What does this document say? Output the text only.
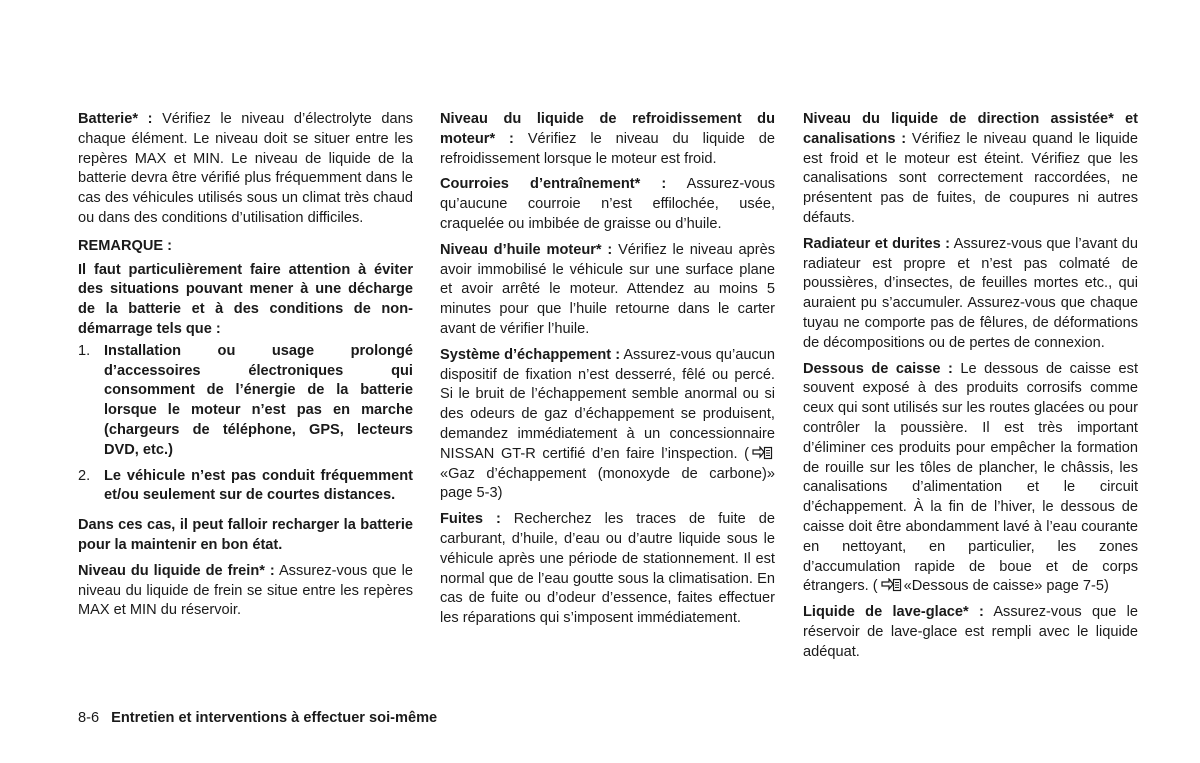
Batterie* : Vérifiez le niveau d’électrolyte dans chaque élément. Le niveau doit se situer entre les repères MAX et MIN. Le niveau de liquide de la batterie devra être vérifié plus fréquemment dans le cas des véhicules utilisés sous un climat très chaud ou dans des conditions d’utilisation difficiles.

REMARQUE :

Il faut particulièrement faire attention à éviter des situations pouvant mener à une décharge de la batterie et à des conditions de non-démarrage tels que :

1. Installation ou usage prolongé d’accessoires électroniques qui consomment de l’énergie de la batterie lorsque le moteur n’est pas en marche (chargeurs de téléphone, GPS, lecteurs DVD, etc.)
2. Le véhicule n’est pas conduit fréquemment et/ou seulement sur de courtes distances.

Dans ces cas, il peut falloir recharger la batterie pour la maintenir en bon état.

Niveau du liquide de frein* : Assurez-vous que le niveau du liquide de frein se situe entre les repères MAX et MIN du réservoir.

Niveau du liquide de refroidissement du moteur* : Vérifiez le niveau du liquide de refroidissement lorsque le moteur est froid.

Courroies d’entraînement* : Assurez-vous qu’aucune courroie n’est effilochée, usée, craquelée ou imbibée de graisse ou d’huile.

Niveau d’huile moteur* : Vérifiez le niveau après avoir immobilisé le véhicule sur une surface plane et avoir arrêté le moteur. Attendez au moins 5 minutes pour que l’huile retourne dans le carter avant de vérifier l’huile.

Système d’échappement : Assurez-vous qu’aucun dispositif de fixation n’est desserré, fêlé ou percé. Si le bruit de l’échappement semble anormal ou si des odeurs de gaz d’échappement se produisent, demandez immédiatement à un concessionnaire NISSAN GT-R certifié d’en faire l’inspection. («Gaz d’échappement (monoxyde de carbone)» page 5-3)

Fuites : Recherchez les traces de fuite de carburant, d’huile, d’eau ou d’autre liquide sous le véhicule après une période de stationnement. Il est normal que de l’eau goutte sous la climatisation. En cas de fuite ou d’odeur d’essence, faites effectuer les réparations qui s’imposent immédiatement.

Niveau du liquide de direction assistée* et canalisations : Vérifiez le niveau quand le liquide est froid et le moteur est éteint. Vérifiez que les canalisations sont correctement raccordées, ne présentent pas de fuites, de coupures ni autres défauts.

Radiateur et durites : Assurez-vous que l’avant du radiateur est propre et n’est pas colmaté de poussières, d’insectes, de feuilles mortes etc., qui auraient pu s’accumuler. Assurez-vous que chaque tuyau ne comporte pas de fêlures, de déformations de décompositions ou de pertes de connexion.

Dessous de caisse : Le dessous de caisse est souvent exposé à des produits corrosifs comme ceux qui sont utilisés sur les routes glacées ou pour contrôler la poussière. Il est très important d’éliminer ces produits pour empêcher la formation de rouille sur les tôles de plancher, le châssis, les canalisations d’alimentation et le circuit d’échappement. À la fin de l’hiver, le dessous de caisse doit être abondamment lavé à l’eau courante en nettoyant, en particulier, les zones d’accumulation rapide de boue et de corps étrangers. ( «Dessous de caisse» page 7-5)

Liquide de lave-glace* : Assurez-vous que le réservoir de lave-glace est rempli avec le liquide adéquat.

8-6 Entretien et interventions à effectuer soi-même
